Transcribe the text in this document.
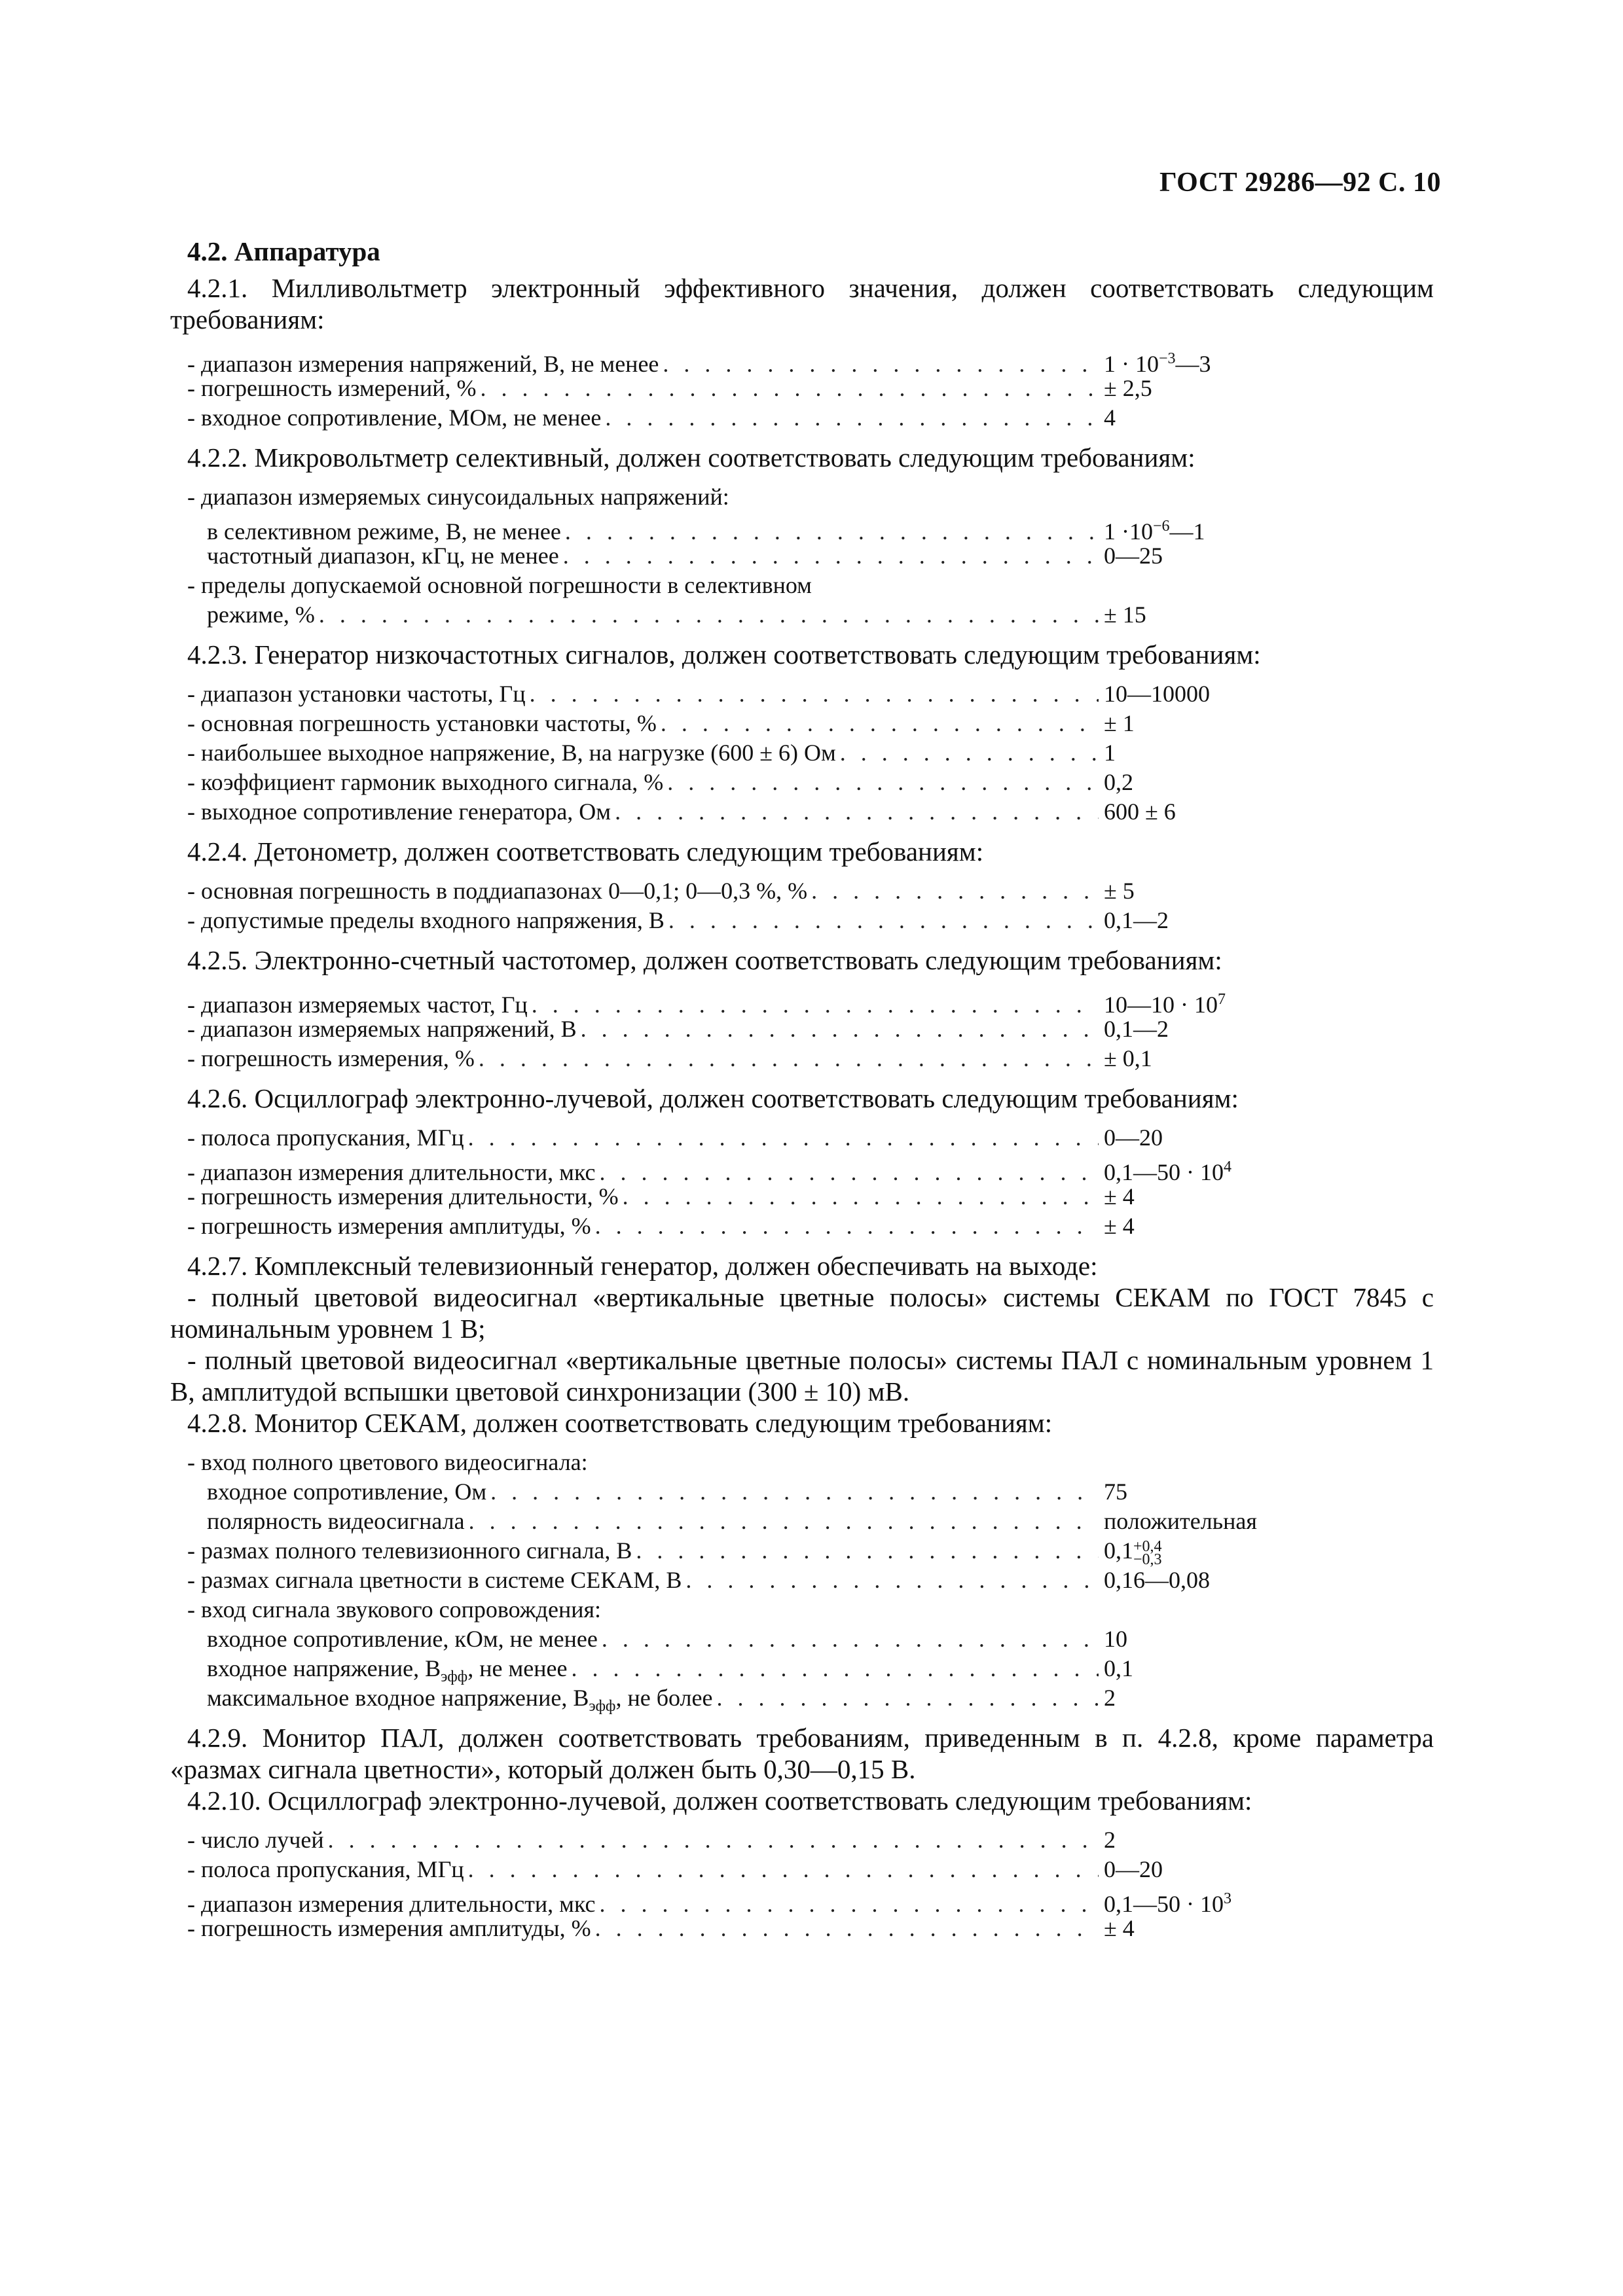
ГОСТ 29286—92 С. 10
4.2. Аппаратура

4.2.1. Милливольтметр электронный эффективного значения, должен соответствовать следующим требованиям:

- диапазон измерения напряжений, В, не менее . . .	$1 \cdot 10^{-3}—3$
- погрешность измерений, % . . .	± 2,5
- входное сопротивление, МОм, не менее . . .	4

4.2.2. Микровольтметр селективный, должен соответствовать следующим требованиям:

- диапазон измеряемых синусоидальных напряжений:
в селективном режиме, В, не менее . . .	$1 \cdot 10^{-6}—1$
частотный диапазон, кГц, не менее . . .	0—25
- пределы допускаемой основной погрешности в селективном
режиме, % . . .	± 15

4.2.3. Генератор низкочастотных сигналов, должен соответствовать следующим требованиям:

- диапазон установки частоты, Гц . . .	10—10000
- основная погрешность установки частоты, % . . .	± 1
- наибольшее выходное напряжение, В, на нагрузке (600 ± 6) Ом . . .	1
- коэффициент гармоник выходного сигнала, % . . .	0,2
- выходное сопротивление генератора, Ом . . .	600 ± 6

4.2.4. Детонометр, должен соответствовать следующим требованиям:

- основная погрешность в поддиапазонах 0—0,1; 0—0,3 %, % . . .	± 5
- допустимые пределы входного напряжения, В . . .	0,1—2

4.2.5. Электронно-счетный частотомер, должен соответствовать следующим требованиям:

- диапазон измеряемых частот, Гц . . .	10—10 · $10^7$
- диапазон измеряемых напряжений, В . . .	0,1—2
- погрешность измерения, % . . .	± 0,1

4.2.6. Осциллограф электронно-лучевой, должен соответствовать следующим требованиям:

- полоса пропускания, МГц . . .	0—20
- диапазон измерения длительности, мкс . . .	0,1—50 · $10^4$
- погрешность измерения длительности, % . . .	± 4
- погрешность измерения амплитуды, % . . .	± 4

4.2.7. Комплексный телевизионный генератор, должен обеспечивать на выходе:

- полный цветовой видеосигнал «вертикальные цветные полосы» системы СЕКАМ по ГОСТ 7845 с номинальным уровнем 1 В;

- полный цветовой видеосигнал «вертикальные цветные полосы» системы ПАЛ с номинальным уровнем 1 В, амплитудой вспышки цветовой синхронизации (300 ± 10) мВ.

4.2.8. Монитор СЕКАМ, должен соответствовать следующим требованиям:

- вход полного цветового видеосигнала:
входное сопротивление, Ом . . .	75
полярность видеосигнала . . .	положительная
- размах полного телевизионного сигнала, В . . .	0,1+0,4
−0,3
- размах сигнала цветности в системе СЕКАМ, В . . .	0,16—0,08
- вход сигнала звукового сопровождения:
входное сопротивление, кОм, не менее . . .	10
входное напряжение, $В_{эфф}$, не менее . . .	0,1
максимальное входное напряжение, $В_{эфф}$, не более . . .	2

4.2.9. Монитор ПАЛ, должен соответствовать требованиям, приведенным в п. 4.2.8, кроме параметра «размах сигнала цветности», который должен быть 0,30—0,15 В.

4.2.10. Осциллограф электронно-лучевой, должен соответствовать следующим требованиям:

- число лучей . . .	2
- полоса пропускания, МГц . . .	0—20
- диапазон измерения длительности, мкс . . .	0,1—50 · $10^3$
- погрешность измерения амплитуды, % . . .	± 4
